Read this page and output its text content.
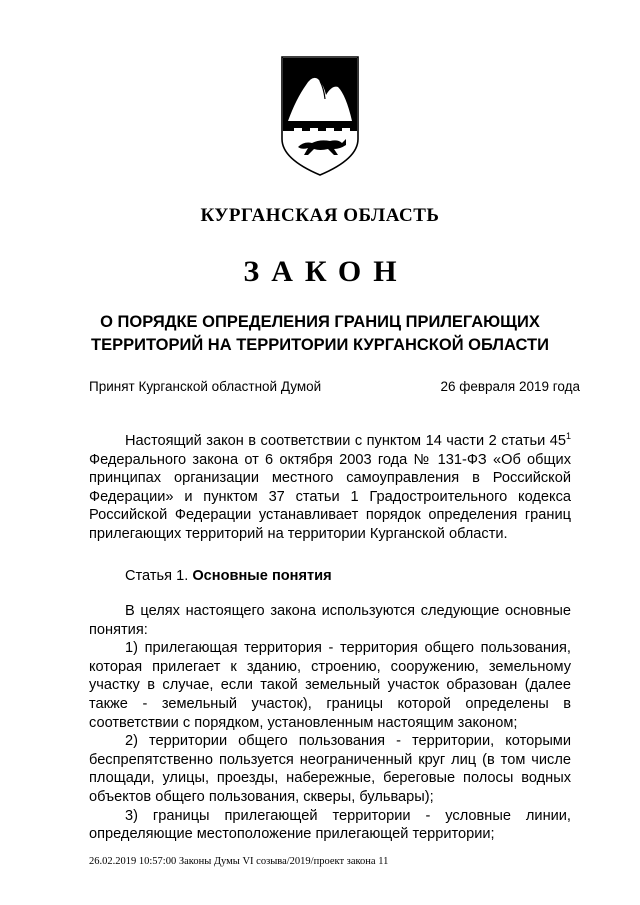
КУРГАНСКАЯ ОБЛАСТЬ
ЗАКОН
О ПОРЯДКЕ ОПРЕДЕЛЕНИЯ ГРАНИЦ ПРИЛЕГАЮЩИХ
ТЕРРИТОРИЙ НА ТЕРРИТОРИИ КУРГАНСКОЙ ОБЛАСТИ
Принят Курганской областной Думой	26 февраля 2019 года

Настоящий закон в соответствии с пунктом 14 части 2 статьи $45^1$ Федерального закона от 6 октября 2003 года № 131-ФЗ «Об общих принципах организации местного самоуправления в Российской Федерации» и пунктом 37 статьи 1 Градостроительного кодекса Российской Федерации устанавливает порядок определения границ прилегающих территорий на территории Курганской области.

Статья 1. Основные понятия

В целях настоящего закона используются следующие основные понятия:

1) прилегающая территория - территория общего пользования, которая прилегает к зданию, строению, сооружению, земельному участку в случае, если такой земельный участок образован (далее также - земельный участок), границы которой определены в соответствии с порядком, установленным настоящим законом;

2) территории общего пользования - территории, которыми беспрепятственно пользуется неограниченный круг лиц (в том числе площади, улицы, проезды, набережные, береговые полосы водных объектов общего пользования, скверы, бульвары);

3) границы прилегающей территории - условные линии, определяющие местоположение прилегающей территории;

26.02.2019 10:57:00 Законы Думы VI созыва/2019/проект закона 11
